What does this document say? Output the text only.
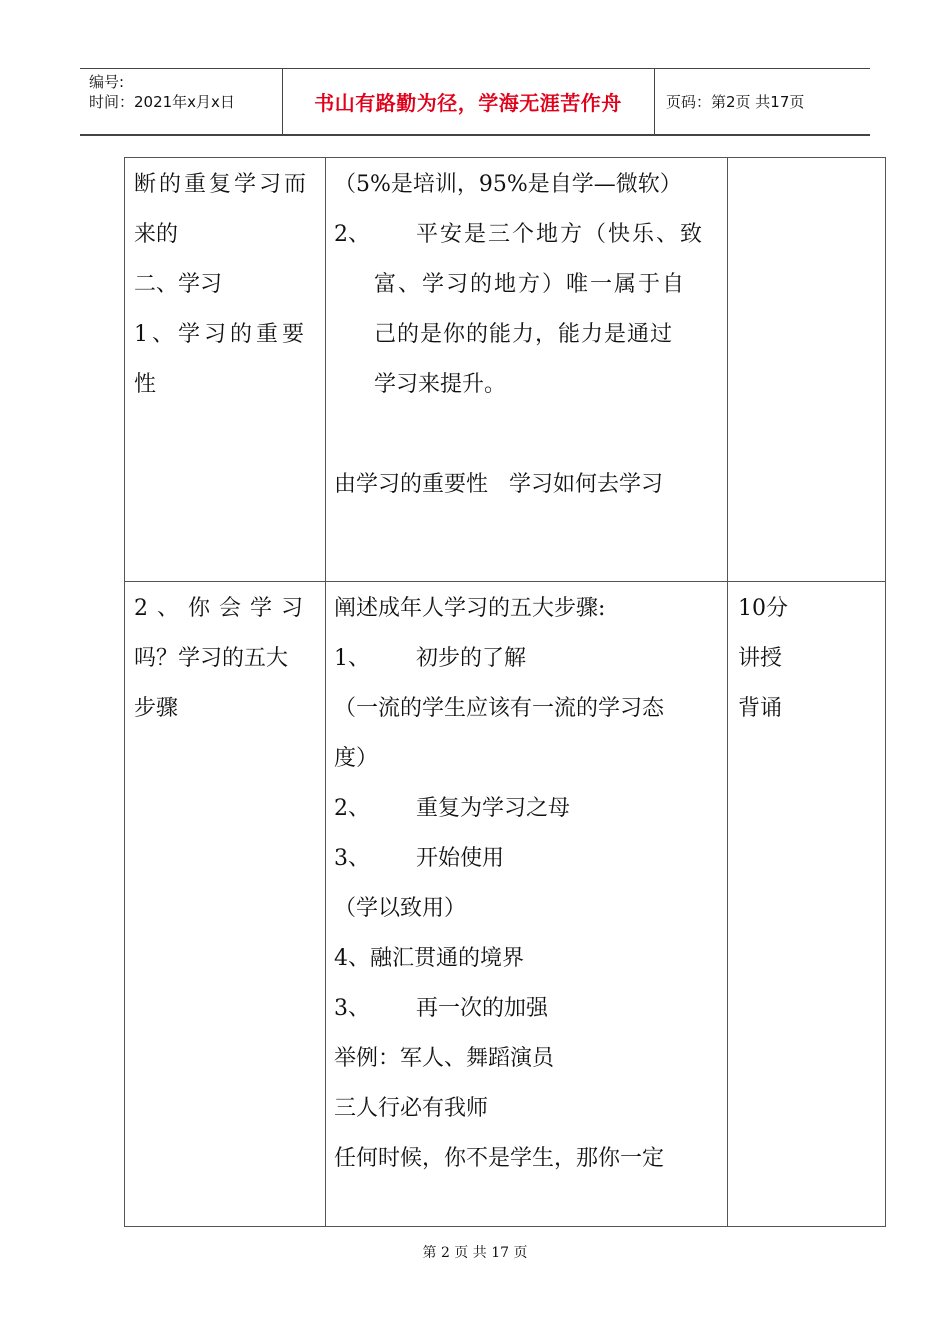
编号:
时间：2021年x月x日	书山有路勤为径，学海无涯苦作舟	页码：第2页 共17页
断的重复学习而
来的
二、学习
1、学习的重要
性
（5%是培训，95%是自学—微软）
2、 平安是三个地方（快乐、致
富、学习的地方）唯一属于自
己的是你的能力，能力是通过
学习来提升。
由学习的重要性   学习如何去学习
2、你会学习
吗？学习的五大
步骤
阐述成年人学习的五大步骤:
1、 初步的了解
（一流的学生应该有一流的学习态
度）
2、 重复为学习之母
3、 开始使用
（学以致用）
4、融汇贯通的境界
3、 再一次的加强
举例：军人、舞蹈演员
三人行必有我师
任何时候，你不是学生，那你一定
10分
讲授
背诵
第 2 页 共 17 页
